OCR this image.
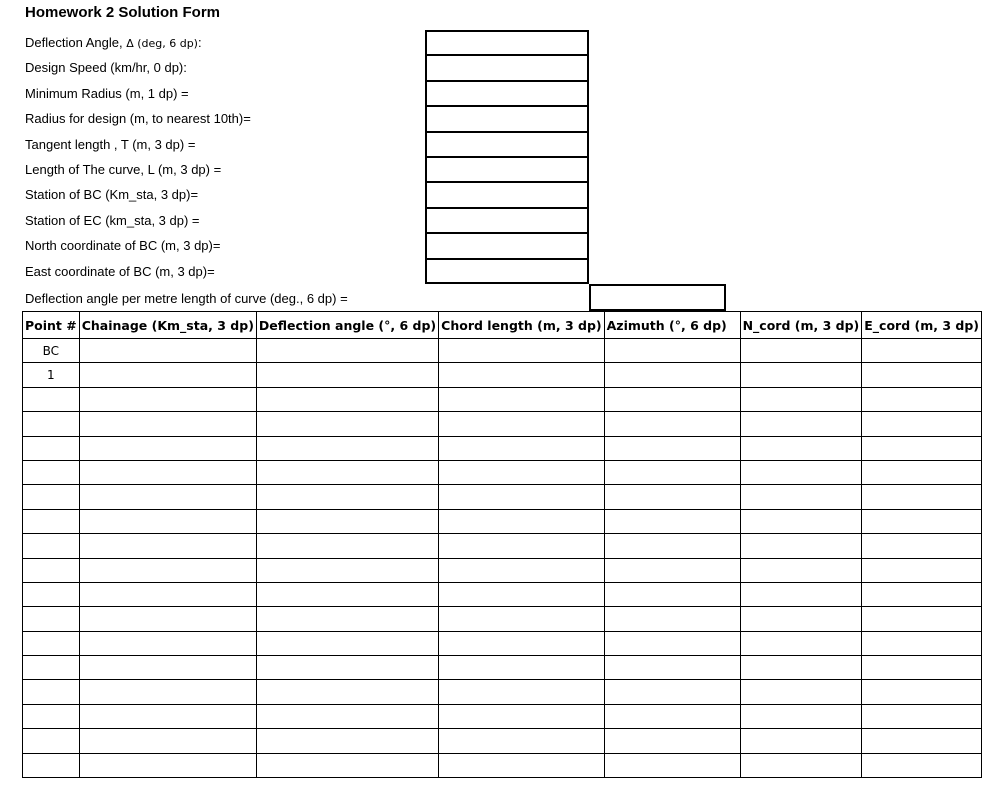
Homework 2 Solution Form
Deflection Angle, Δ (deg, 6 dp):
Design Speed (km/hr, 0 dp):
Minimum Radius (m, 1 dp) =
Radius for design (m, to nearest 10th)=
Tangent length , T (m, 3 dp) =
Length of The curve, L (m, 3 dp) =
Station of BC (Km_sta, 3 dp)=
Station of EC (km_sta, 3 dp) =
North coordinate of BC (m, 3 dp)=
East coordinate of BC (m, 3 dp)=
Deflection angle per metre length of curve (deg., 6 dp) =
Point #	Chainage (Km_sta, 3 dp)	Deflection angle (°, 6 dp)	Chord length (m, 3 dp)	Azimuth (°, 6 dp)	N_cord (m, 3 dp)	E_cord (m, 3 dp)
BC						
1						
